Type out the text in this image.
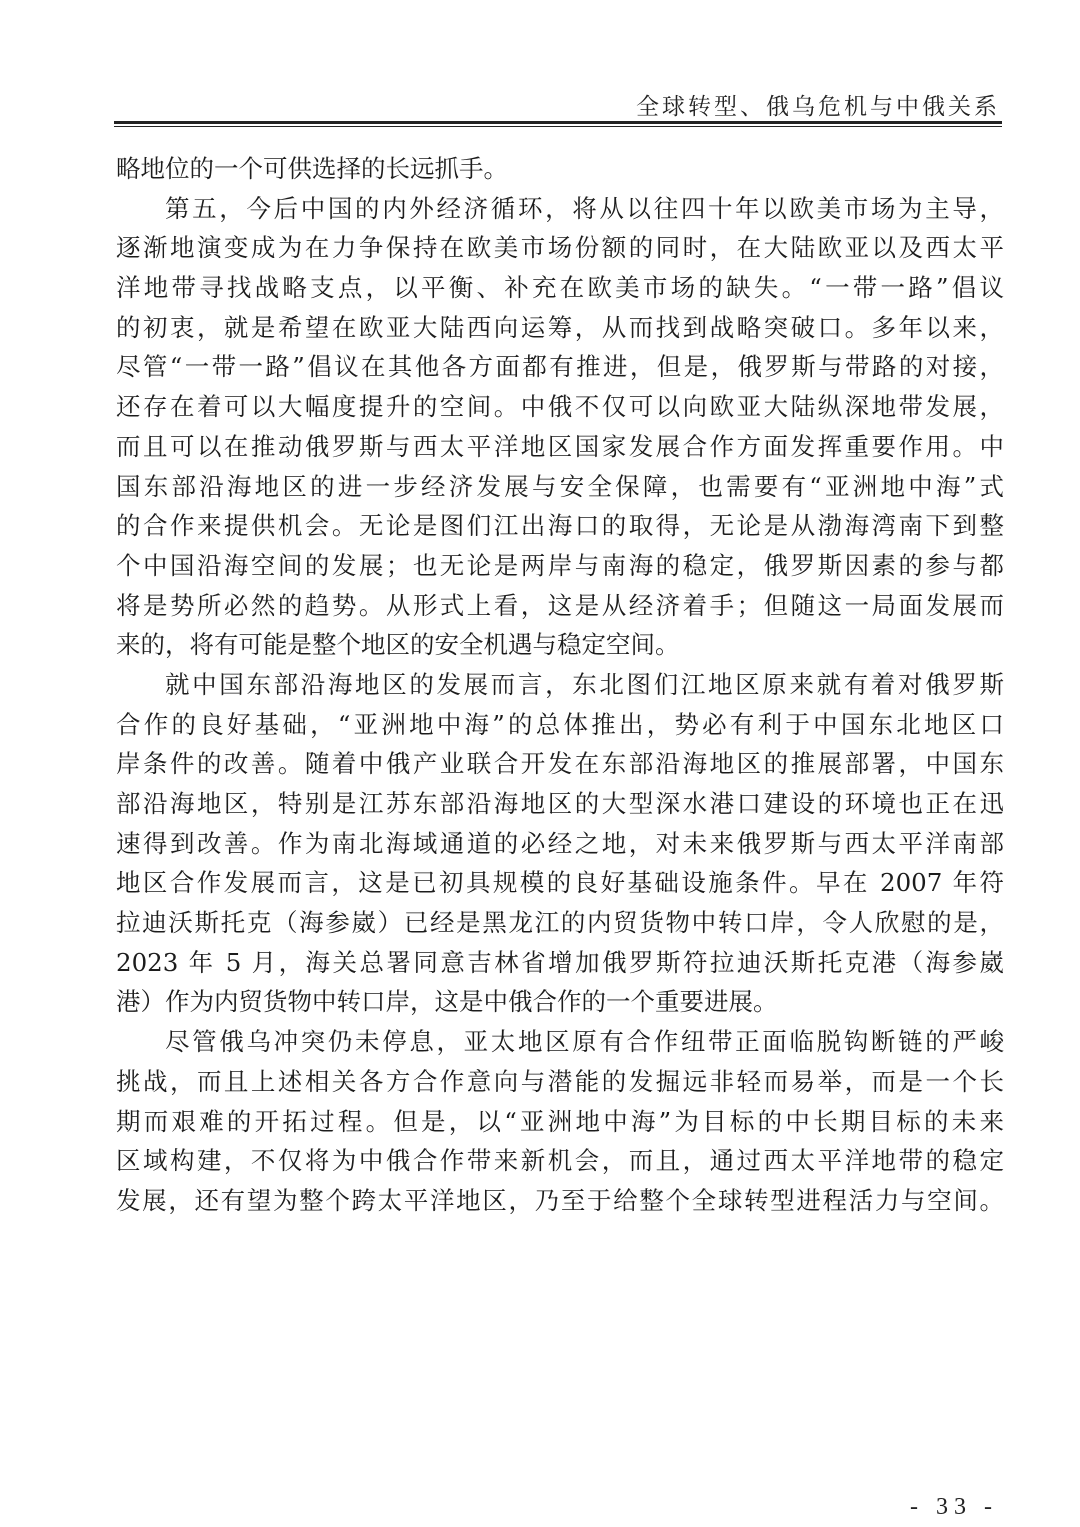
全球转型、俄乌危机与中俄关系
略地位的一个可供选择的长远抓手。
第五，今后中国的内外经济循环，将从以往四十年以欧美市场为主导，
逐渐地演变成为在力争保持在欧美市场份额的同时，在大陆欧亚以及西太平
洋地带寻找战略支点，以平衡、补充在欧美市场的缺失。“一带一路”倡议
的初衷，就是希望在欧亚大陆西向运筹，从而找到战略突破口。多年以来，
尽管“一带一路”倡议在其他各方面都有推进，但是，俄罗斯与带路的对接，
还存在着可以大幅度提升的空间。中俄不仅可以向欧亚大陆纵深地带发展，
而且可以在推动俄罗斯与西太平洋地区国家发展合作方面发挥重要作用。中
国东部沿海地区的进一步经济发展与安全保障，也需要有“亚洲地中海”式
的合作来提供机会。无论是图们江出海口的取得，无论是从渤海湾南下到整
个中国沿海空间的发展；也无论是两岸与南海的稳定，俄罗斯因素的参与都
将是势所必然的趋势。从形式上看，这是从经济着手；但随这一局面发展而
来的，将有可能是整个地区的安全机遇与稳定空间。
就中国东部沿海地区的发展而言，东北图们江地区原来就有着对俄罗斯
合作的良好基础，“亚洲地中海”的总体推出，势必有利于中国东北地区口
岸条件的改善。随着中俄产业联合开发在东部沿海地区的推展部署，中国东
部沿海地区，特别是江苏东部沿海地区的大型深水港口建设的环境也正在迅
速得到改善。作为南北海域通道的必经之地，对未来俄罗斯与西太平洋南部
地区合作发展而言，这是已初具规模的良好基础设施条件。早在 2007 年符
拉迪沃斯托克（海参崴）已经是黑龙江的内贸货物中转口岸，令人欣慰的是，
2023 年 5 月，海关总署同意吉林省增加俄罗斯符拉迪沃斯托克港（海参崴
港）作为内贸货物中转口岸，这是中俄合作的一个重要进展。
尽管俄乌冲突仍未停息，亚太地区原有合作纽带正面临脱钩断链的严峻
挑战，而且上述相关各方合作意向与潜能的发掘远非轻而易举，而是一个长
期而艰难的开拓过程。但是，以“亚洲地中海”为目标的中长期目标的未来
区域构建，不仅将为中俄合作带来新机会，而且，通过西太平洋地带的稳定
发展，还有望为整个跨太平洋地区，乃至于给整个全球转型进程活力与空间。
- 33 -
